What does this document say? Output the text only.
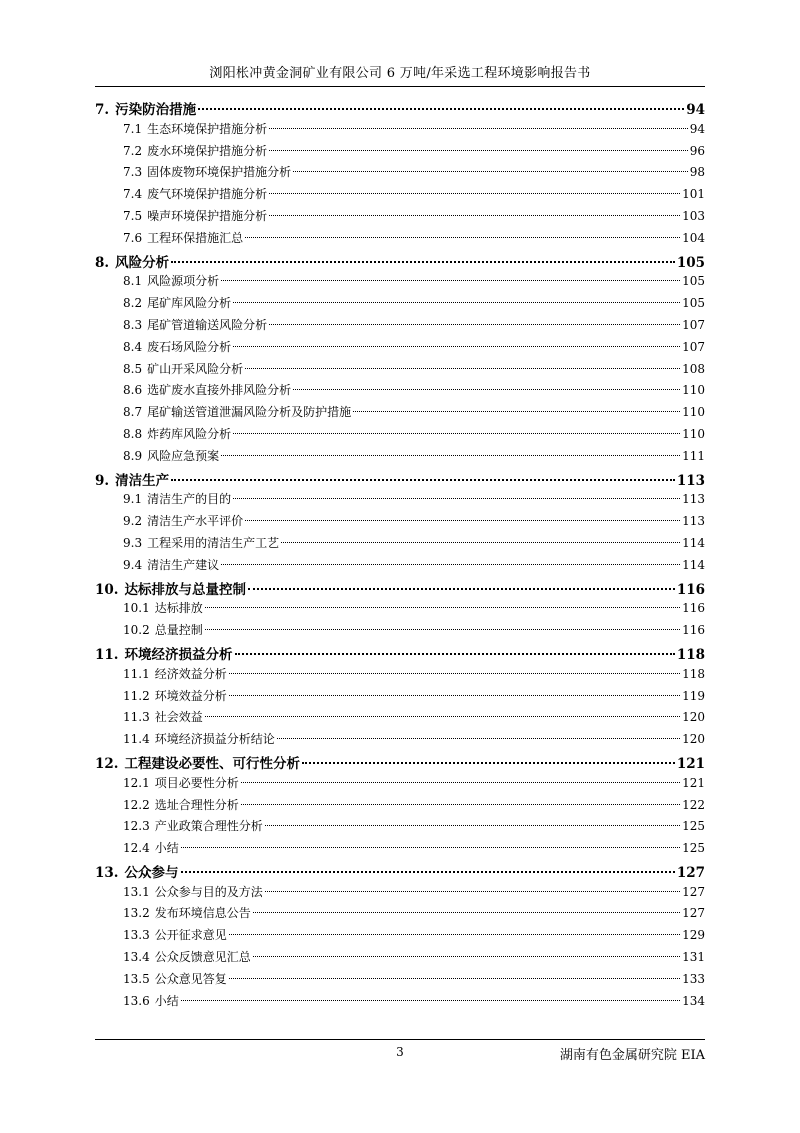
浏阳枨冲黄金洞矿业有限公司 6 万吨/年采选工程环境影响报告书
7. 污染防治措施	94
7.1 生态环境保护措施分析	94
7.2 废水环境保护措施分析	96
7.3 固体废物环境保护措施分析	98
7.4 废气环境保护措施分析	101
7.5 噪声环境保护措施分析	103
7.6 工程环保措施汇总	104
8. 风险分析	105
8.1 风险源项分析	105
8.2 尾矿库风险分析	105
8.3 尾矿管道输送风险分析	107
8.4 废石场风险分析	107
8.5 矿山开采风险分析	108
8.6 选矿废水直接外排风险分析	110
8.7 尾矿输送管道泄漏风险分析及防护措施	110
8.8 炸药库风险分析	110
8.9 风险应急预案	111
9. 清洁生产	113
9.1 清洁生产的目的	113
9.2 清洁生产水平评价	113
9.3 工程采用的清洁生产工艺	114
9.4 清洁生产建议	114
10. 达标排放与总量控制	116
10.1 达标排放	116
10.2 总量控制	116
11. 环境经济损益分析	118
11.1 经济效益分析	118
11.2 环境效益分析	119
11.3 社会效益	120
11.4 环境经济损益分析结论	120
12. 工程建设必要性、可行性分析	121
12.1 项目必要性分析	121
12.2 选址合理性分析	122
12.3 产业政策合理性分析	125
12.4 小结	125
13. 公众参与	127
13.1 公众参与目的及方法	127
13.2 发布环境信息公告	127
13.3 公开征求意见	129
13.4 公众反馈意见汇总	131
13.5 公众意见答复	133
13.6 小结	134
3	湖南有色金属研究院 EIA
